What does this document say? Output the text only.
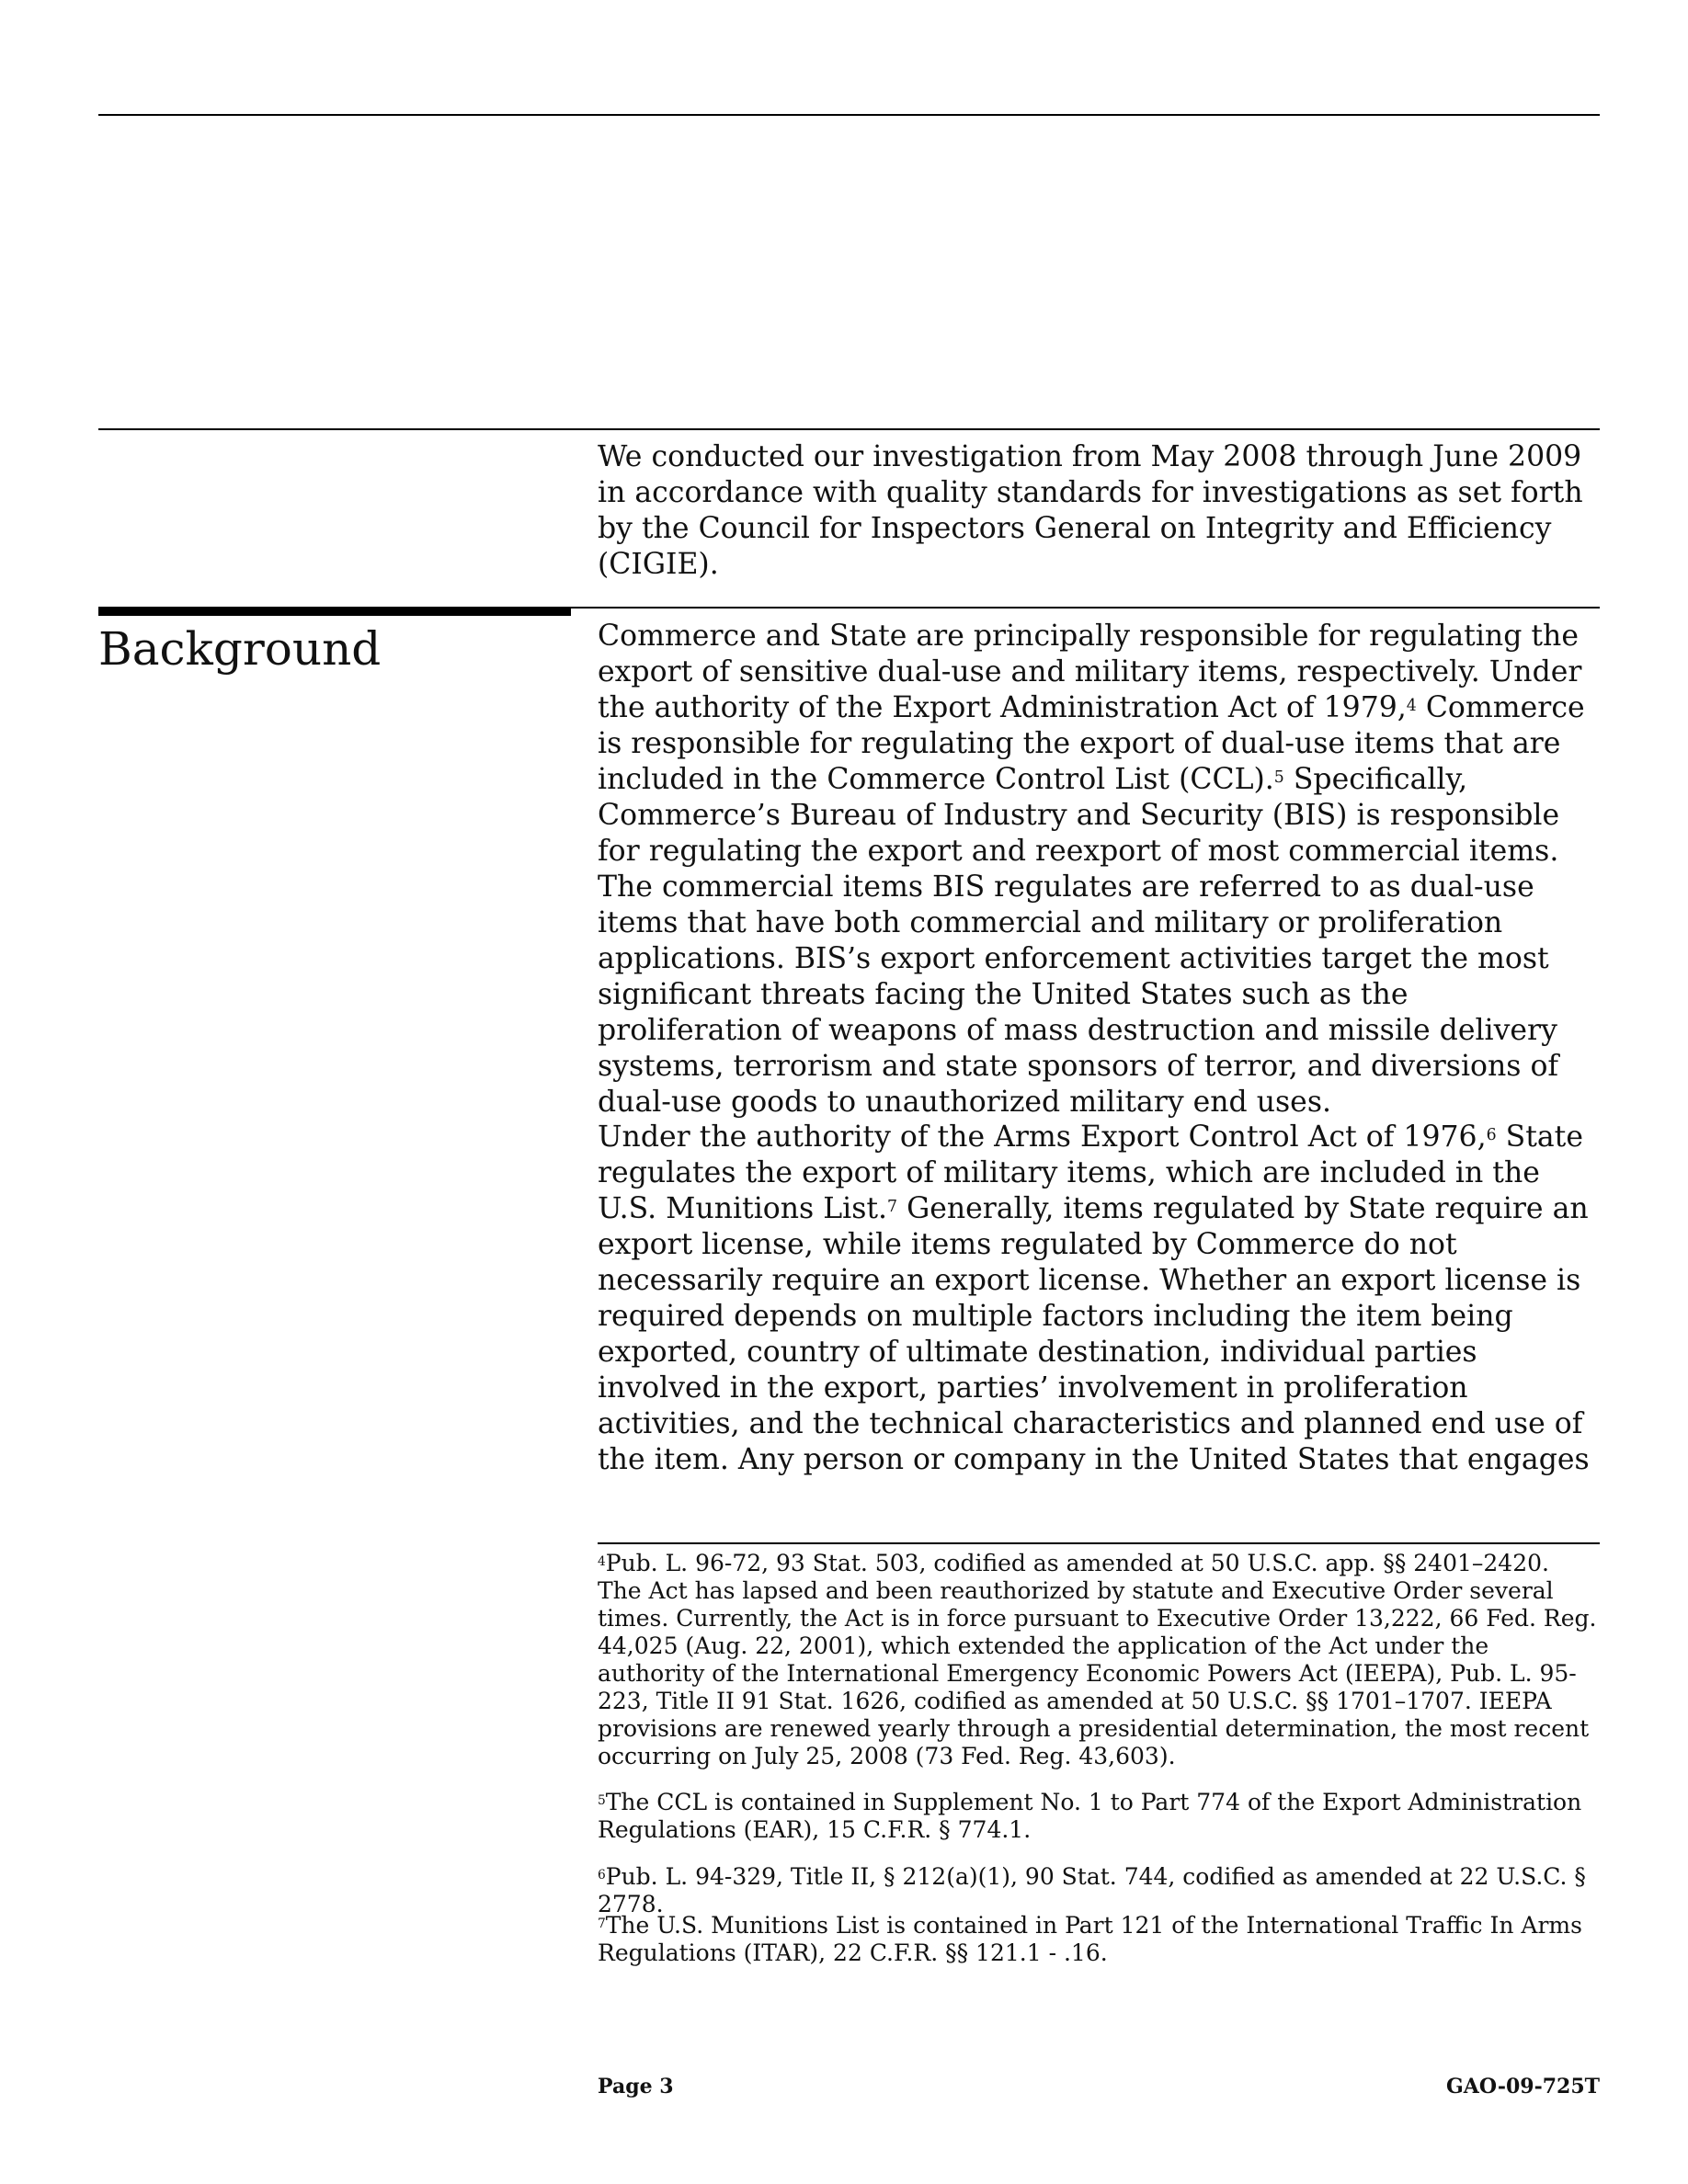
We conducted our investigation from May 2008 through June 2009 in accordance with quality standards for investigations as set forth by the Council for Inspectors General on Integrity and Efficiency (CIGIE).

Background	Commerce and State are principally responsible for regulating the export of sensitive dual-use and military items, respectively. Under the authority of the Export Administration Act of 1979,$^4$ Commerce is responsible for regulating the export of dual-use items that are included in the Commerce Control List (CCL).$^5$ Specifically, Commerce’s Bureau of Industry and Security (BIS) is responsible for regulating the export and reexport of most commercial items. The commercial items BIS regulates are referred to as dual-use items that have both commercial and military or proliferation applications. BIS’s export enforcement activities target the most significant threats facing the United States such as the proliferation of weapons of mass destruction and missile delivery systems, terrorism and state sponsors of terror, and diversions of dual-use goods to unauthorized military end uses.

Under the authority of the Arms Export Control Act of 1976,$^6$ State regulates the export of military items, which are included in the U.S. Munitions List.$^7$ Generally, items regulated by State require an export license, while items regulated by Commerce do not necessarily require an export license. Whether an export license is required depends on multiple factors including the item being exported, country of ultimate destination, individual parties involved in the export, parties’ involvement in proliferation activities, and the technical characteristics and planned end use of the item. Any person or company in the United States that engages

$^4$Pub. L. 96-72, 93 Stat. 503, codified as amended at 50 U.S.C. app. §§ 2401–2420. The Act has lapsed and been reauthorized by statute and Executive Order several times. Currently, the Act is in force pursuant to Executive Order 13,222, 66 Fed. Reg. 44,025 (Aug. 22, 2001), which extended the application of the Act under the authority of the International Emergency Economic Powers Act (IEEPA), Pub. L. 95-223, Title II 91 Stat. 1626, codified as amended at 50 U.S.C. §§ 1701–1707. IEEPA provisions are renewed yearly through a presidential determination, the most recent occurring on July 25, 2008 (73 Fed. Reg. 43,603).

$^5$The CCL is contained in Supplement No. 1 to Part 774 of the Export Administration Regulations (EAR), 15 C.F.R. § 774.1.

$^6$Pub. L. 94-329, Title II, § 212(a)(1), 90 Stat. 744, codified as amended at 22 U.S.C. § 2778.

$^7$The U.S. Munitions List is contained in Part 121 of the International Traffic In Arms Regulations (ITAR), 22 C.F.R. §§ 121.1 - .16.

Page 3	GAO-09-725T
